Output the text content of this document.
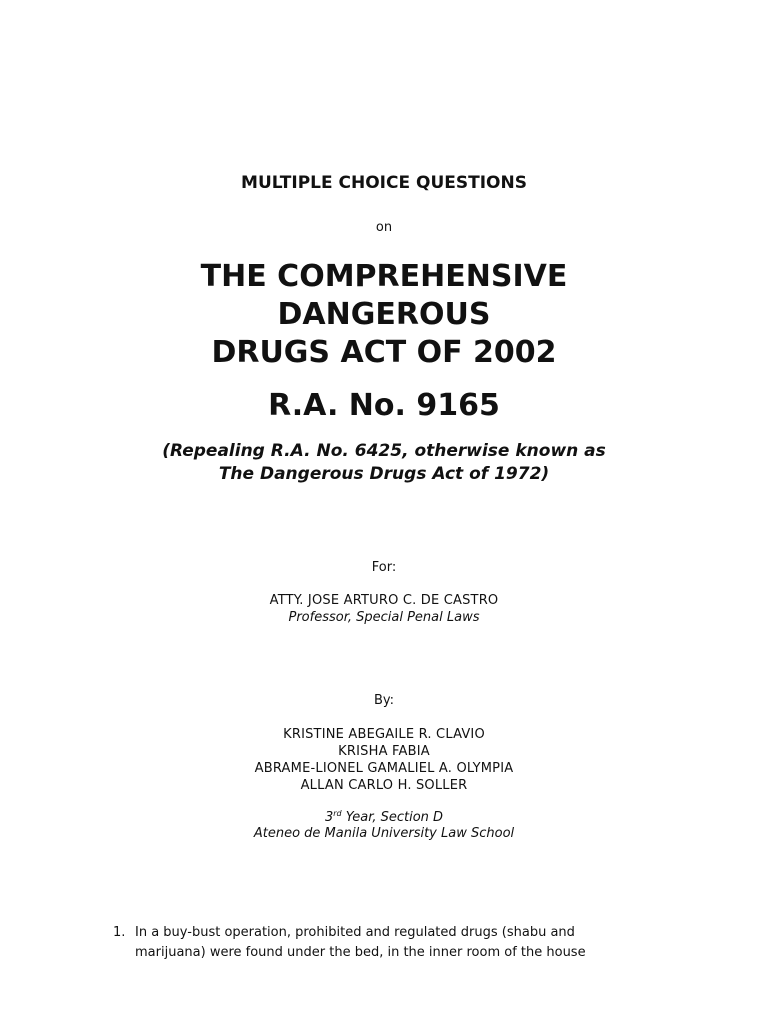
MULTIPLE CHOICE QUESTIONS
on
THE COMPREHENSIVE
DANGEROUS
DRUGS ACT OF 2002
R.A. No. 9165
(Repealing R.A. No. 6425, otherwise known as
The Dangerous Drugs Act of 1972)
For:
ATTY. JOSE ARTURO C. DE CASTRO
Professor, Special Penal Laws
By:
KRISTINE ABEGAILE R. CLAVIO
KRISHA FABIA
ABRAME-LIONEL GAMALIEL A. OLYMPIA
ALLAN CARLO H. SOLLER
3rd Year, Section D
Ateneo de Manila University Law School
1. In a buy-bust operation, prohibited and regulated drugs (shabu and
marijuana) were found under the bed, in the inner room of the house
